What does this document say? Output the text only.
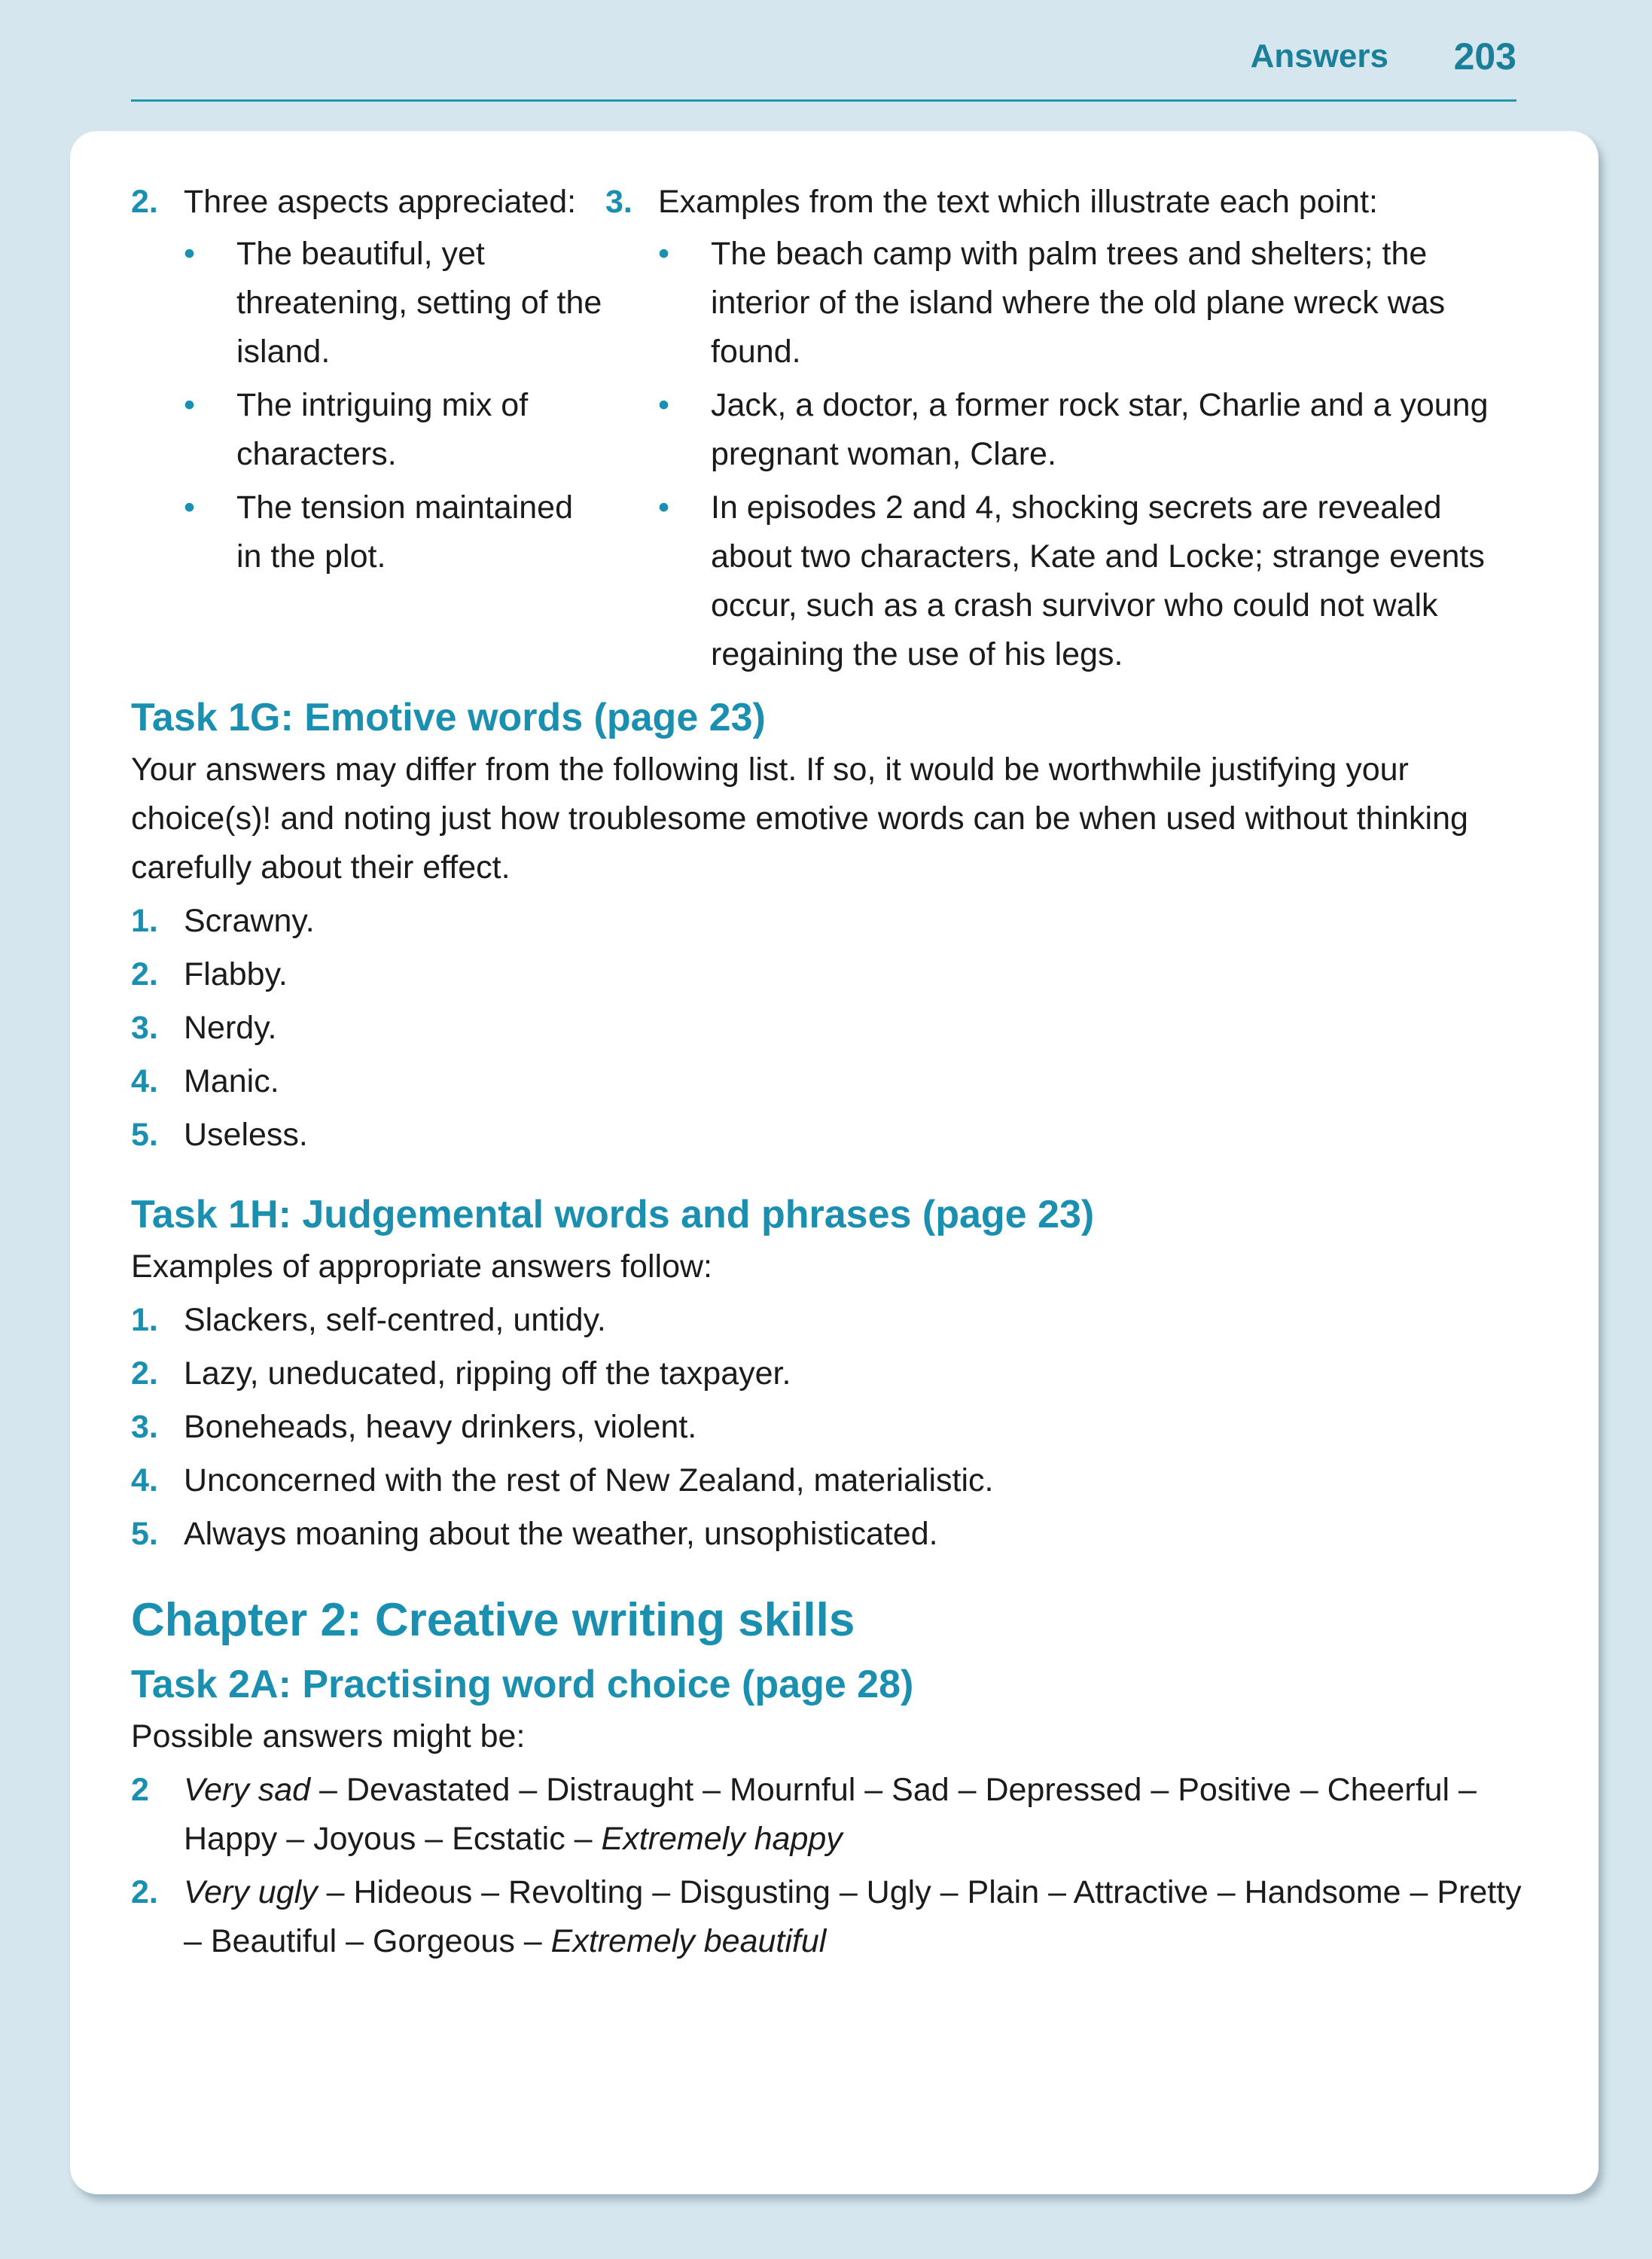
Answers 203
2. Three aspects appreciated:
• The beautiful, yet threatening, setting of the island.
• The intriguing mix of characters.
• The tension maintained in the plot.
3. Examples from the text which illustrate each point:
• The beach camp with palm trees and shelters; the interior of the island where the old plane wreck was found.
• Jack, a doctor, a former rock star, Charlie and a young pregnant woman, Clare.
• In episodes 2 and 4, shocking secrets are revealed about two characters, Kate and Locke; strange events occur, such as a crash survivor who could not walk regaining the use of his legs.
Task 1G: Emotive words (page 23)

Your answers may differ from the following list. If so, it would be worthwhile justifying your choice(s)! and noting just how troublesome emotive words can be when used without thinking carefully about their effect.

1. Scrawny.
2. Flabby.
3. Nerdy.
4. Manic.
5. Useless.
Task 1H: Judgemental words and phrases (page 23)

Examples of appropriate answers follow:

1. Slackers, self-centred, untidy.
2. Lazy, uneducated, ripping off the taxpayer.
3. Boneheads, heavy drinkers, violent.
4. Unconcerned with the rest of New Zealand, materialistic.
5. Always moaning about the weather, unsophisticated.
Chapter 2: Creative writing skills
Task 2A: Practising word choice (page 28)

Possible answers might be:

2	Very sad – Devastated – Distraught – Mournful – Sad – Depressed – Positive – Cheerful – Happy – Joyous – Ecstatic – Extremely happy
2. Very ugly – Hideous – Revolting – Disgusting – Ugly – Plain – Attractive – Handsome – Pretty – Beautiful – Gorgeous – Extremely beautiful
